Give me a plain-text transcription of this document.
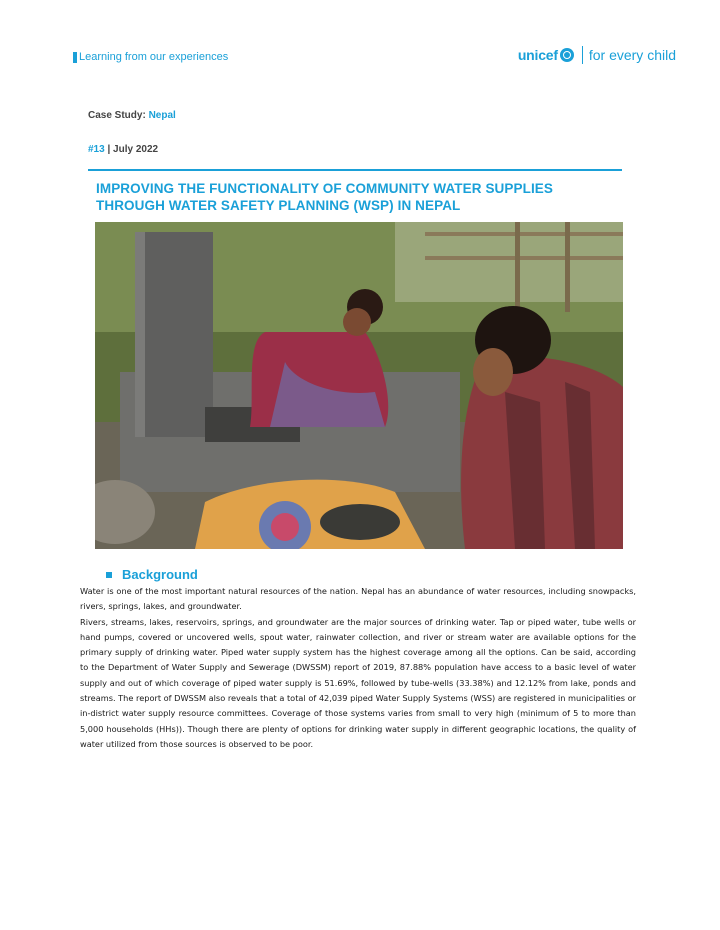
Learning from our experiences	unicef for every child
Case Study: Nepal
#13 | July 2022
IMPROVING THE FUNCTIONALITY OF COMMUNITY WATER SUPPLIES THROUGH WATER SAFETY PLANNING (WSP) IN NEPAL
Background

Water is one of the most important natural resources of the nation. Nepal has an abundance of water resources, including snowpacks, rivers, springs, lakes, and groundwater.

Rivers, streams, lakes, reservoirs, springs, and groundwater are the major sources of drinking water. Tap or piped water, tube wells or hand pumps, covered or uncovered wells, spout water, rainwater collection, and river or stream water are available options for the primary supply of drinking water. Piped water supply system has the highest coverage among all the options. Can be said, according to the Department of Water Supply and Sewerage (DWSSM) report of 2019, 87.88% population have access to a basic level of water supply and out of which coverage of piped water supply is 51.69%, followed by tube-wells (33.38%) and 12.12% from lake, ponds and streams. The report of DWSSM also reveals that a total of 42,039 piped Water Supply Systems (WSS) are registered in municipalities or in-district water supply resource committees. Coverage of those systems varies from small to very high (minimum of 5 to more than 5,000 households (HHs)). Though there are plenty of options for drinking water supply in different geographic locations, the quality of water utilized from those sources is observed to be poor.
